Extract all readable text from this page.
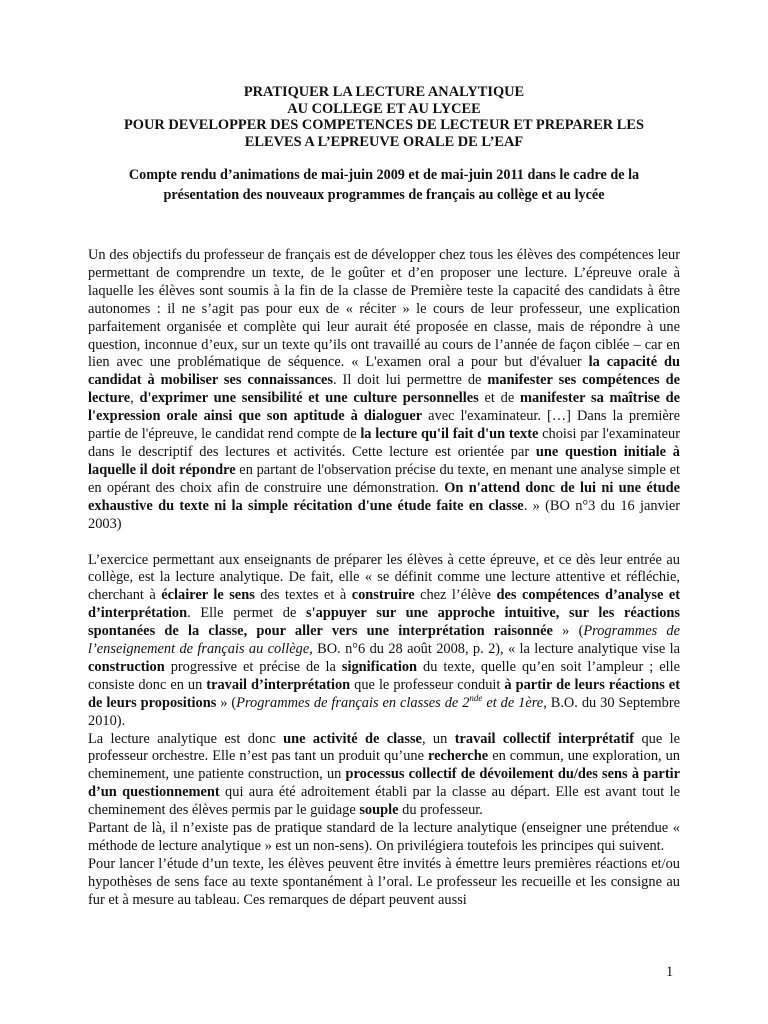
PRATIQUER LA LECTURE ANALYTIQUE
AU COLLEGE ET AU LYCEE
POUR DEVELOPPER DES COMPETENCES DE LECTEUR ET PREPARER LES
ELEVES A L’EPREUVE ORALE DE L’EAF
Compte rendu d’animations de mai-juin 2009 et de mai-juin 2011 dans le cadre de la
présentation des nouveaux programmes de français au collège et au lycée

Un des objectifs du professeur de français est de développer chez tous les élèves des compétences leur permettant de comprendre un texte, de le goûter et d’en proposer une lecture. L’épreuve orale à laquelle les élèves sont soumis à la fin de la classe de Première teste la capacité des candidats à être autonomes : il ne s’agit pas pour eux de « réciter » le cours de leur professeur, une explication parfaitement organisée et complète qui leur aurait été proposée en classe, mais de répondre à une question, inconnue d’eux, sur un texte qu’ils ont travaillé au cours de l’année de façon ciblée – car en lien avec une problématique de séquence. « L'examen oral a pour but d'évaluer la capacité du candidat à mobiliser ses connaissances. Il doit lui permettre de manifester ses compétences de lecture, d'exprimer une sensibilité et une culture personnelles et de manifester sa maîtrise de l'expression orale ainsi que son aptitude à dialoguer avec l'examinateur. […] Dans la première partie de l'épreuve, le candidat rend compte de la lecture qu'il fait d'un texte choisi par l'examinateur dans le descriptif des lectures et activités. Cette lecture est orientée par une question initiale à laquelle il doit répondre en partant de l'observation précise du texte, en menant une analyse simple et en opérant des choix afin de construire une démonstration. On n'attend donc de lui ni une étude exhaustive du texte ni la simple récitation d'une étude faite en classe. » (BO n°3 du 16 janvier 2003)

L’exercice permettant aux enseignants de préparer les élèves à cette épreuve, et ce dès leur entrée au collège, est la lecture analytique. De fait, elle « se définit comme une lecture attentive et réfléchie, cherchant à éclairer le sens des textes et à construire chez l’élève des compétences d’analyse et d’interprétation. Elle permet de s'appuyer sur une approche intuitive, sur les réactions spontanées de la classe, pour aller vers une interprétation raisonnée » (Programmes de l’enseignement de français au collège, BO. n°6 du 28 août 2008, p. 2), « la lecture analytique vise la construction progressive et précise de la signification du texte, quelle qu’en soit l’ampleur ; elle consiste donc en un travail d’interprétation que le professeur conduit à partir de leurs réactions et de leurs propositions » (Programmes de français en classes de 2nde et de 1ère, B.O. du 30 Septembre 2010).

La lecture analytique est donc une activité de classe, un travail collectif interprétatif que le professeur orchestre. Elle n’est pas tant un produit qu’une recherche en commun, une exploration, un cheminement, une patiente construction, un processus collectif de dévoilement du/des sens à partir d’un questionnement qui aura été adroitement établi par la classe au départ. Elle est avant tout le cheminement des élèves permis par le guidage souple du professeur.

Partant de là, il n’existe pas de pratique standard de la lecture analytique (enseigner une prétendue « méthode de lecture analytique » est un non-sens). On privilégiera toutefois les principes qui suivent.

Pour lancer l’étude d’un texte, les élèves peuvent être invités à émettre leurs premières réactions et/ou hypothèses de sens face au texte spontanément à l’oral. Le professeur les recueille et les consigne au fur et à mesure au tableau. Ces remarques de départ peuvent aussi

1
